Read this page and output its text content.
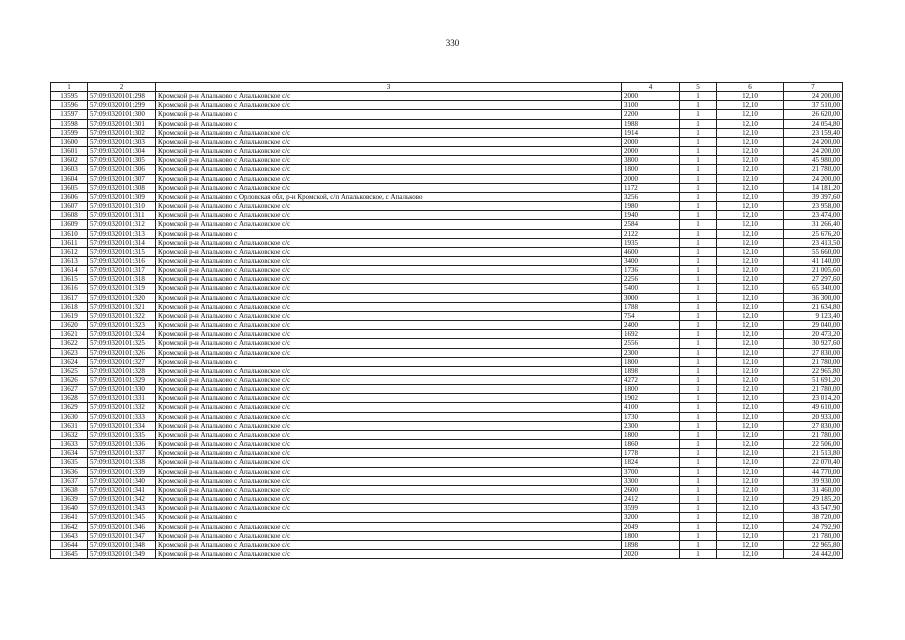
330
1	2	3	4	5	6	7
13595	57:09:0320101:298	Кромской р-н Апальково с Апальковское с/с	2000	1	12,10	24 200,00
13596	57:09:0320101:299	Кромской р-н Апальково с Апальковское с/с	3100	1	12,10	37 510,00
13597	57:09:0320101:300	Кромской р-н Апальково с	2200	1	12,10	26 620,00
13598	57:09:0320101:301	Кромской р-н Апальково с	1988	1	12,10	24 054,80
13599	57:09:0320101:302	Кромской р-н Апальково с Апальковское с/с	1914	1	12,10	23 159,40
13600	57:09:0320101:303	Кромской р-н Апальково с Апальковское с/с	2000	1	12,10	24 200,00
13601	57:09:0320101:304	Кромской р-н Апальково с Апальковское с/с	2000	1	12,10	24 200,00
13602	57:09:0320101:305	Кромской р-н Апальково с Апальковское с/с	3800	1	12,10	45 980,00
13603	57:09:0320101:306	Кромской р-н Апальково с Апальковское с/с	1800	1	12,10	21 780,00
13604	57:09:0320101:307	Кромской р-н Апальково с Апальковское с/с	2000	1	12,10	24 200,00
13605	57:09:0320101:308	Кромской р-н Апальково с Апальковское с/с	1172	1	12,10	14 181,20
13606	57:09:0320101:309	Кромской р-н Апальково с Орловская обл, р-н Кромской, с/п Апальковское, с Апальково	3256	1	12,10	39 397,60
13607	57:09:0320101:310	Кромской р-н Апальково с Апальковское с/с	1980	1	12,10	23 958,00
13608	57:09:0320101:311	Кромской р-н Апальково с Апальковское с/с	1940	1	12,10	23 474,00
13609	57:09:0320101:312	Кромской р-н Апальково с Апальковское с/с	2584	1	12,10	31 266,40
13610	57:09:0320101:313	Кромской р-н Апальково с	2122	1	12,10	25 676,20
13611	57:09:0320101:314	Кромской р-н Апальково с Апальковское с/с	1935	1	12,10	23 413,50
13612	57:09:0320101:315	Кромской р-н Апальково с Апальковское с/с	4600	1	12,10	55 660,00
13613	57:09:0320101:316	Кромской р-н Апальково с Апальковское с/с	3400	1	12,10	41 140,00
13614	57:09:0320101:317	Кромской р-н Апальково с Апальковское с/с	1736	1	12,10	21 005,60
13615	57:09:0320101:318	Кромской р-н Апальково с Апальковское с/с	2256	1	12,10	27 297,60
13616	57:09:0320101:319	Кромской р-н Апальково с Апальковское с/с	5400	1	12,10	65 340,00
13617	57:09:0320101:320	Кромской р-н Апальково с Апальковское с/с	3000	1	12,10	36 300,00
13618	57:09:0320101:321	Кромской р-н Апальково с Апальковское с/с	1788	1	12,10	21 634,80
13619	57:09:0320101:322	Кромской р-н Апальково с Апальковское с/с	754	1	12,10	9 123,40
13620	57:09:0320101:323	Кромской р-н Апальково с Апальковское с/с	2400	1	12,10	29 040,00
13621	57:09:0320101:324	Кромской р-н Апальково с Апальковское с/с	1692	1	12,10	20 473,20
13622	57:09:0320101:325	Кромской р-н Апальково с Апальковское с/с	2556	1	12,10	30 927,60
13623	57:09:0320101:326	Кромской р-н Апальково с Апальковское с/с	2300	1	12,10	27 830,00
13624	57:09:0320101:327	Кромской р-н Апальково с	1800	1	12,10	21 780,00
13625	57:09:0320101:328	Кромской р-н Апальково с Апальковское с/с	1898	1	12,10	22 965,80
13626	57:09:0320101:329	Кромской р-н Апальково с Апальковское с/с	4272	1	12,10	51 691,20
13627	57:09:0320101:330	Кромской р-н Апальково с Апальковское с/с	1800	1	12,10	21 780,00
13628	57:09:0320101:331	Кромской р-н Апальково с Апальковское с/с	1902	1	12,10	23 014,20
13629	57:09:0320101:332	Кромской р-н Апальково с Апальковское с/с	4100	1	12,10	49 610,00
13630	57:09:0320101:333	Кромской р-н Апальково с Апальковское с/с	1730	1	12,10	20 933,00
13631	57:09:0320101:334	Кромской р-н Апальково с Апальковское с/с	2300	1	12,10	27 830,00
13632	57:09:0320101:335	Кромской р-н Апальково с Апальковское с/с	1800	1	12,10	21 780,00
13633	57:09:0320101:336	Кромской р-н Апальково с Апальковское с/с	1860	1	12,10	22 506,00
13634	57:09:0320101:337	Кромской р-н Апальково с Апальковское с/с	1778	1	12,10	21 513,80
13635	57:09:0320101:338	Кромской р-н Апальково с Апальковское с/с	1824	1	12,10	22 070,40
13636	57:09:0320101:339	Кромской р-н Апальково с Апальковское с/с	3700	1	12,10	44 770,00
13637	57:09:0320101:340	Кромской р-н Апальково с Апальковское с/с	3300	1	12,10	39 930,00
13638	57:09:0320101:341	Кромской р-н Апальково с Апальковское с/с	2600	1	12,10	31 460,00
13639	57:09:0320101:342	Кромской р-н Апальково с Апальковское с/с	2412	1	12,10	29 185,20
13640	57:09:0320101:343	Кромской р-н Апальково с Апальковское с/с	3599	1	12,10	43 547,90
13641	57:09:0320101:345	Кромской р-н Апальково с	3200	1	12,10	38 720,00
13642	57:09:0320101:346	Кромской р-н Апальково с Апальковское с/с	2049	1	12,10	24 792,90
13643	57:09:0320101:347	Кромской р-н Апальково с Апальковское с/с	1800	1	12,10	21 780,00
13644	57:09:0320101:348	Кромской р-н Апальково с Апальковское с/с	1898	1	12,10	22 965,80
13645	57:09:0320101:349	Кромской р-н Апальково с Апальковское с/с	2020	1	12,10	24 442,00
